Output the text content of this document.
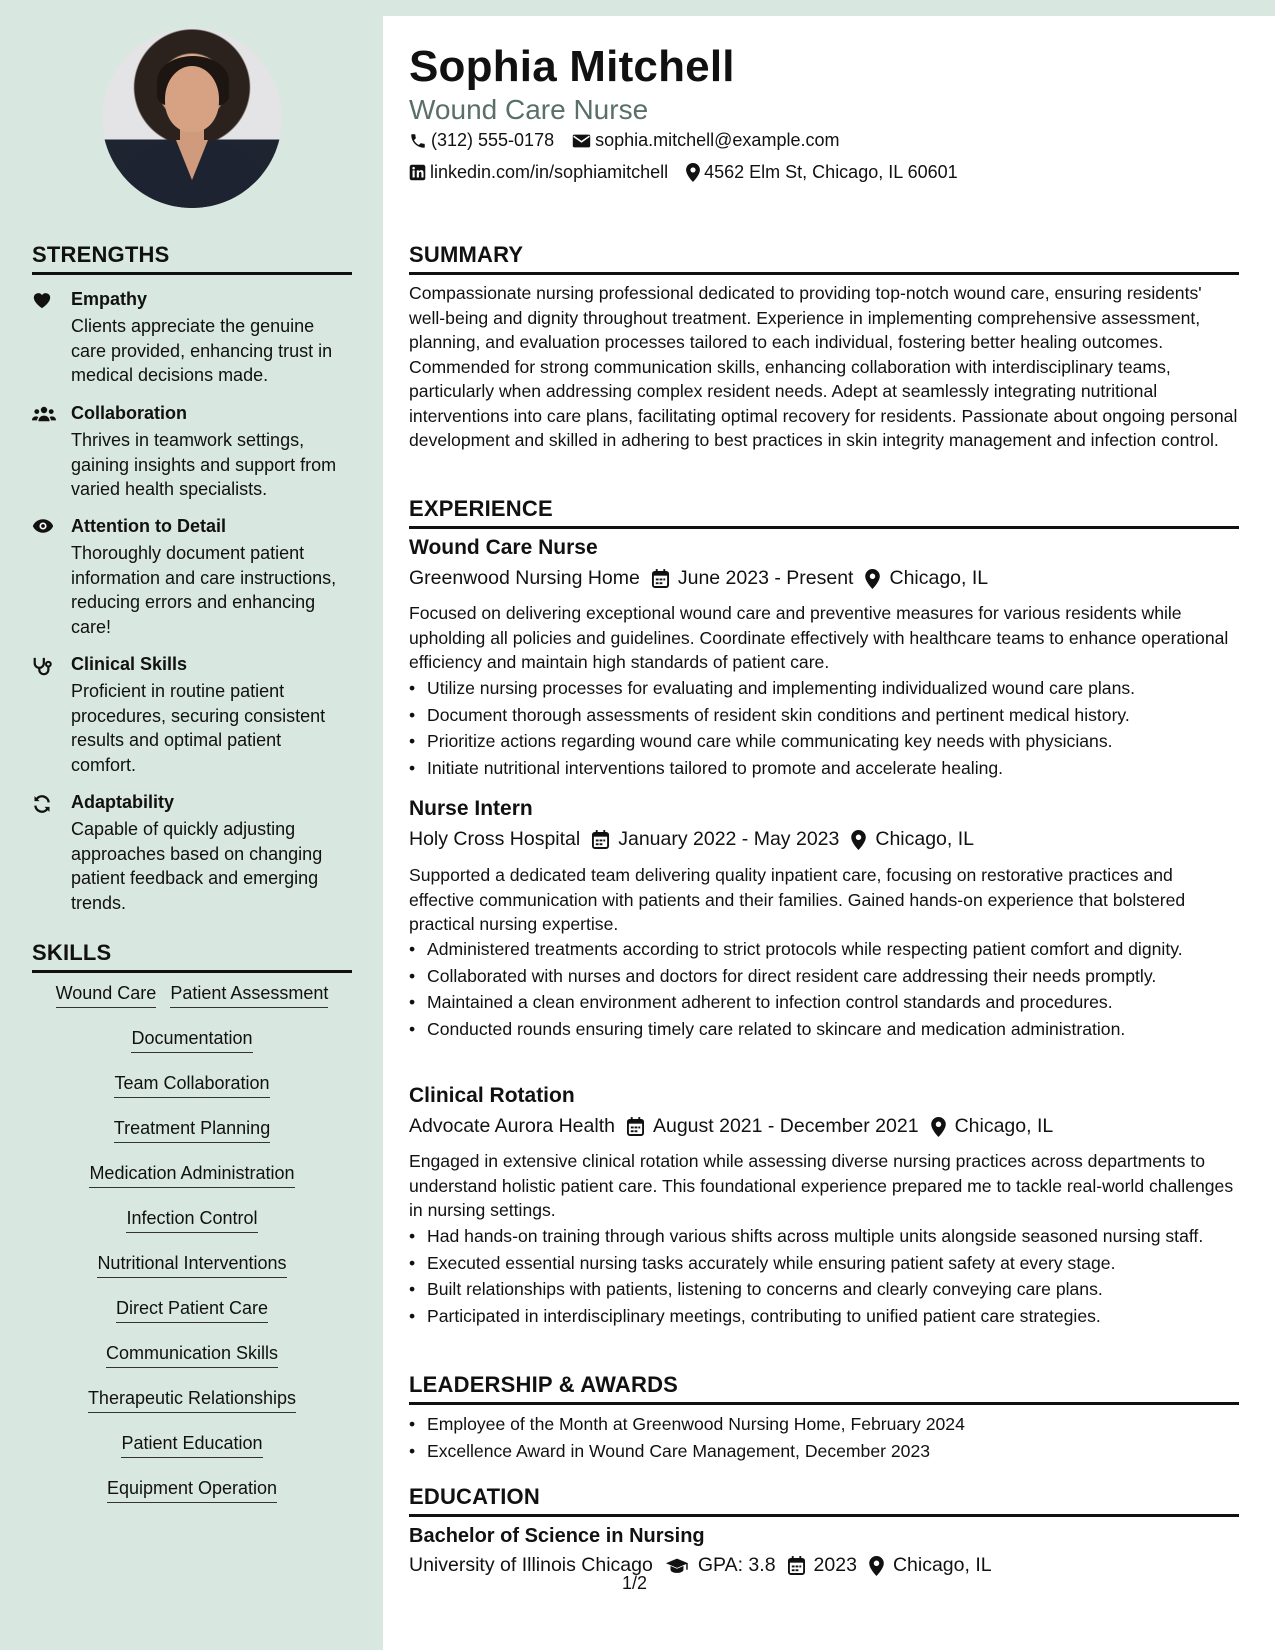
Sophia Mitchell
Wound Care Nurse
(312) 555-0178 sophia.mitchell@example.com
linkedin.com/in/sophiamitchell 4562 Elm St, Chicago, IL 60601
STRENGTHS
Empathy
Clients appreciate the genuine care provided, enhancing trust in medical decisions made.
Collaboration
Thrives in teamwork settings, gaining insights and support from varied health specialists.
Attention to Detail
Thoroughly document patient information and care instructions, reducing errors and enhancing care!
Clinical Skills
Proficient in routine patient procedures, securing consistent results and optimal patient comfort.
Adaptability
Capable of quickly adjusting approaches based on changing patient feedback and emerging trends.
SKILLS
Wound Care Patient Assessment
Documentation
Team Collaboration
Treatment Planning
Medication Administration
Infection Control
Nutritional Interventions
Direct Patient Care
Communication Skills
Therapeutic Relationships
Patient Education
Equipment Operation
SUMMARY
Compassionate nursing professional dedicated to providing top-notch wound care, ensuring residents' well-being and dignity throughout treatment. Experience in implementing comprehensive assessment, planning, and evaluation processes tailored to each individual, fostering better healing outcomes. Commended for strong communication skills, enhancing collaboration with interdisciplinary teams, particularly when addressing complex resident needs. Adept at seamlessly integrating nutritional interventions into care plans, facilitating optimal recovery for residents. Passionate about ongoing personal development and skilled in adhering to best practices in skin integrity management and infection control.
EXPERIENCE
Wound Care Nurse
Greenwood Nursing Home June 2023 - Present Chicago, IL
Focused on delivering exceptional wound care and preventive measures for various residents while upholding all policies and guidelines. Coordinate effectively with healthcare teams to enhance operational efficiency and maintain high standards of patient care.
• Utilize nursing processes for evaluating and implementing individualized wound care plans.
• Document thorough assessments of resident skin conditions and pertinent medical history.
• Prioritize actions regarding wound care while communicating key needs with physicians.
• Initiate nutritional interventions tailored to promote and accelerate healing.
Nurse Intern
Holy Cross Hospital January 2022 - May 2023 Chicago, IL
Supported a dedicated team delivering quality inpatient care, focusing on restorative practices and effective communication with patients and their families. Gained hands-on experience that bolstered practical nursing expertise.
• Administered treatments according to strict protocols while respecting patient comfort and dignity.
• Collaborated with nurses and doctors for direct resident care addressing their needs promptly.
• Maintained a clean environment adherent to infection control standards and procedures.
• Conducted rounds ensuring timely care related to skincare and medication administration.
Clinical Rotation
Advocate Aurora Health August 2021 - December 2021 Chicago, IL
Engaged in extensive clinical rotation while assessing diverse nursing practices across departments to understand holistic patient care. This foundational experience prepared me to tackle real-world challenges in nursing settings.
• Had hands-on training through various shifts across multiple units alongside seasoned nursing staff.
• Executed essential nursing tasks accurately while ensuring patient safety at every stage.
• Built relationships with patients, listening to concerns and clearly conveying care plans.
• Participated in interdisciplinary meetings, contributing to unified patient care strategies.
LEADERSHIP & AWARDS
• Employee of the Month at Greenwood Nursing Home, February 2024
• Excellence Award in Wound Care Management, December 2023
EDUCATION
Bachelor of Science in Nursing
University of Illinois Chicago GPA: 3.8 2023 Chicago, IL
1/2
